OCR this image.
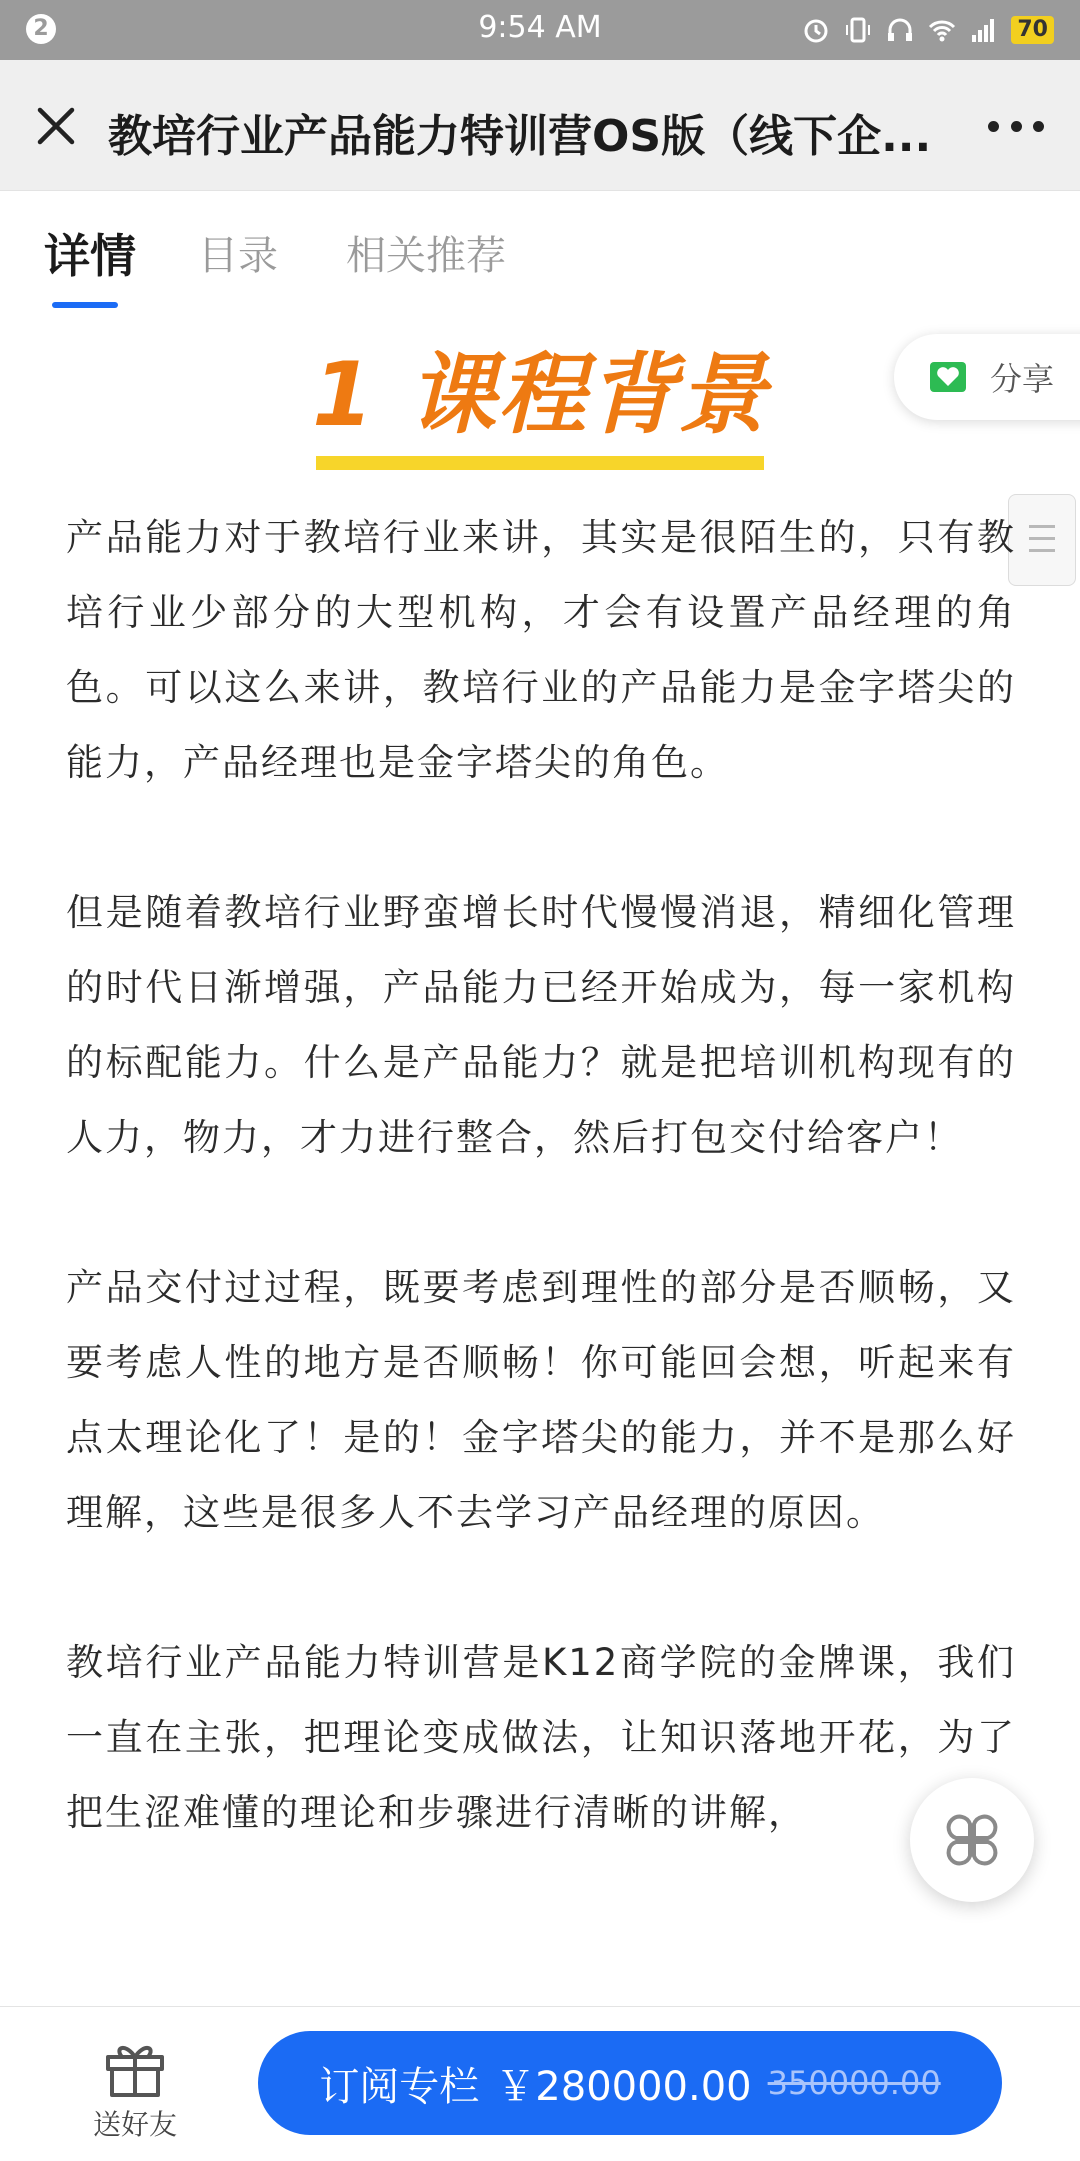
2	9:54 AM	70
教培行业产品能力特训营OS版（线下企...
详情 目录 相关推荐
分享
1 课程背景

产品能力对于教培行业来讲，其实是很陌生的，只有教培行业少部分的大型机构，才会有设置产品经理的角色。可以这么来讲，教培行业的产品能力是金字塔尖的能力，产品经理也是金字塔尖的角色。

但是随着教培行业野蛮增长时代慢慢消退，精细化管理的时代日渐增强，产品能力已经开始成为，每一家机构的标配能力。什么是产品能力？就是把培训机构现有的人力，物力，才力进行整合，然后打包交付给客户！

产品交付过过程，既要考虑到理性的部分是否顺畅，又要考虑人性的地方是否顺畅！你可能回会想，听起来有点太理论化了！是的！金字塔尖的能力，并不是那么好理解，这些是很多人不去学习产品经理的原因。

教培行业产品能力特训营是K12商学院的金牌课，我们一直在主张，把理论变成做法，让知识落地开花，为了把生涩难懂的理论和步骤进行清晰的讲解，

送好友
订阅专栏 ￥280000.00 350000.00
